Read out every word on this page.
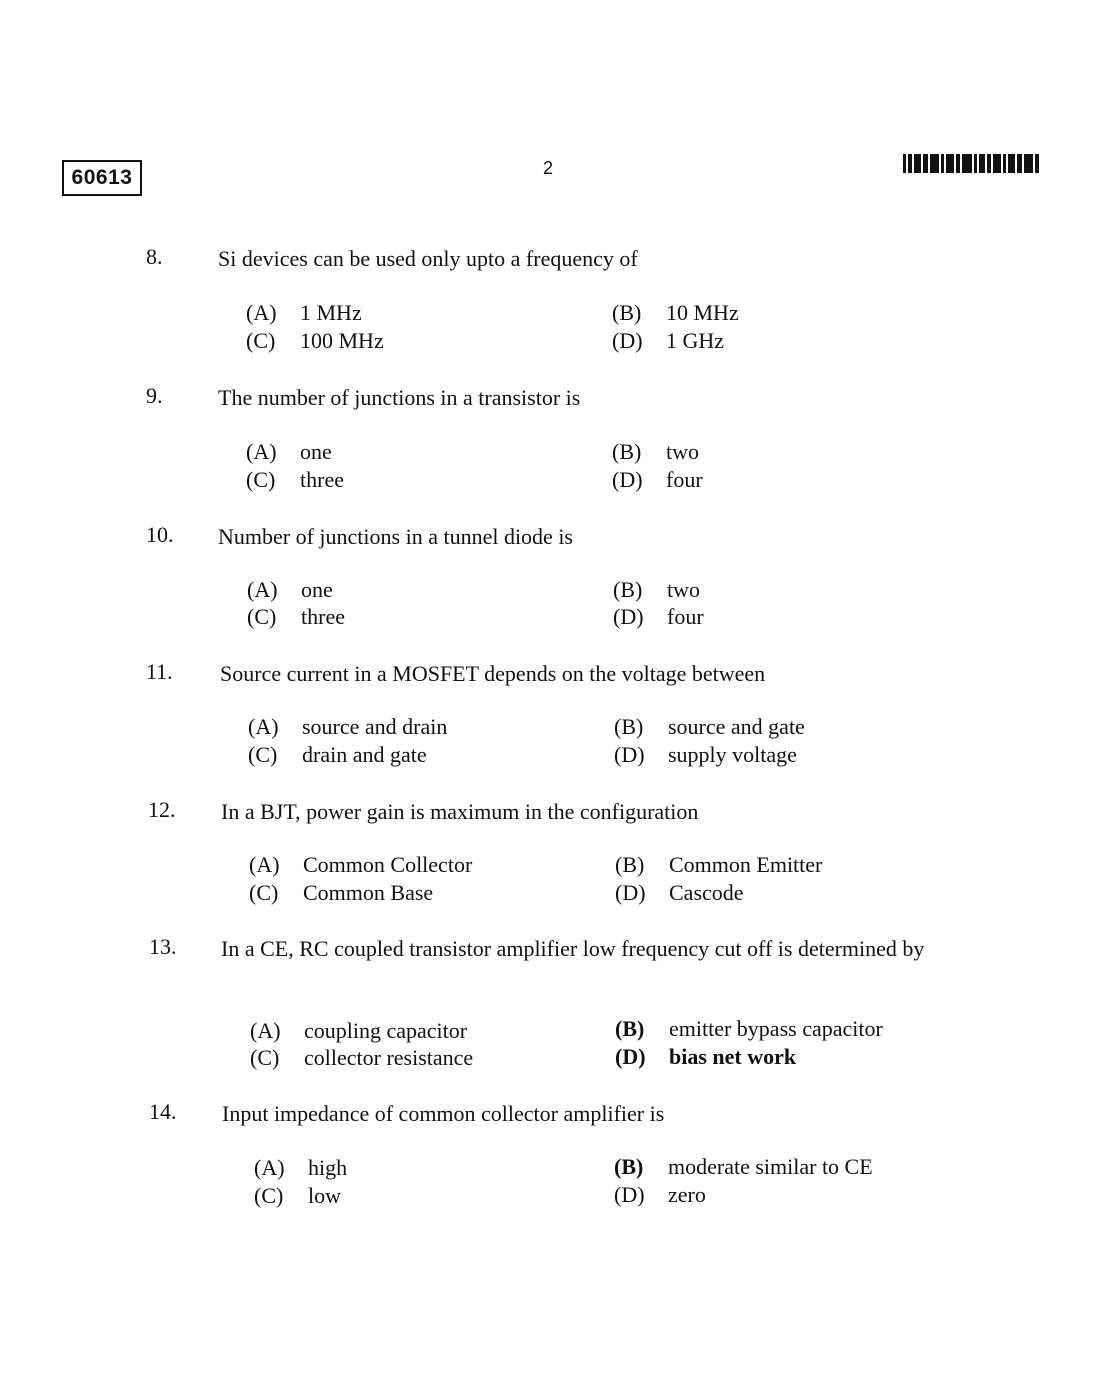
60613	2
8.	Si devices can be used only upto a frequency of
(A) 1 MHz	(B) 10 MHz
(C) 100 MHz	(D) 1 GHz
9.	The number of junctions in a transistor is
(A) one	(B) two
(C) three	(D) four
10. Number of junctions in a tunnel diode is
(A) one	(B) two
(C) three	(D) four
11. Source current in a MOSFET depends on the voltage between
(A) source and drain	(B) source and gate
(C) drain and gate	(D) supply voltage
12. In a BJT, power gain is maximum in the configuration
(A) Common Collector	(B) Common Emitter
(C) Common Base	(D) Cascode
13. In a CE, RC coupled transistor amplifier low frequency cut off is determined by
(A) coupling capacitor	(B) emitter bypass capacitor
(C) collector resistance	(D) bias net work
14. Input impedance of common collector amplifier is
(A) high	(B) moderate similar to CE
(C) low	(D) zero
